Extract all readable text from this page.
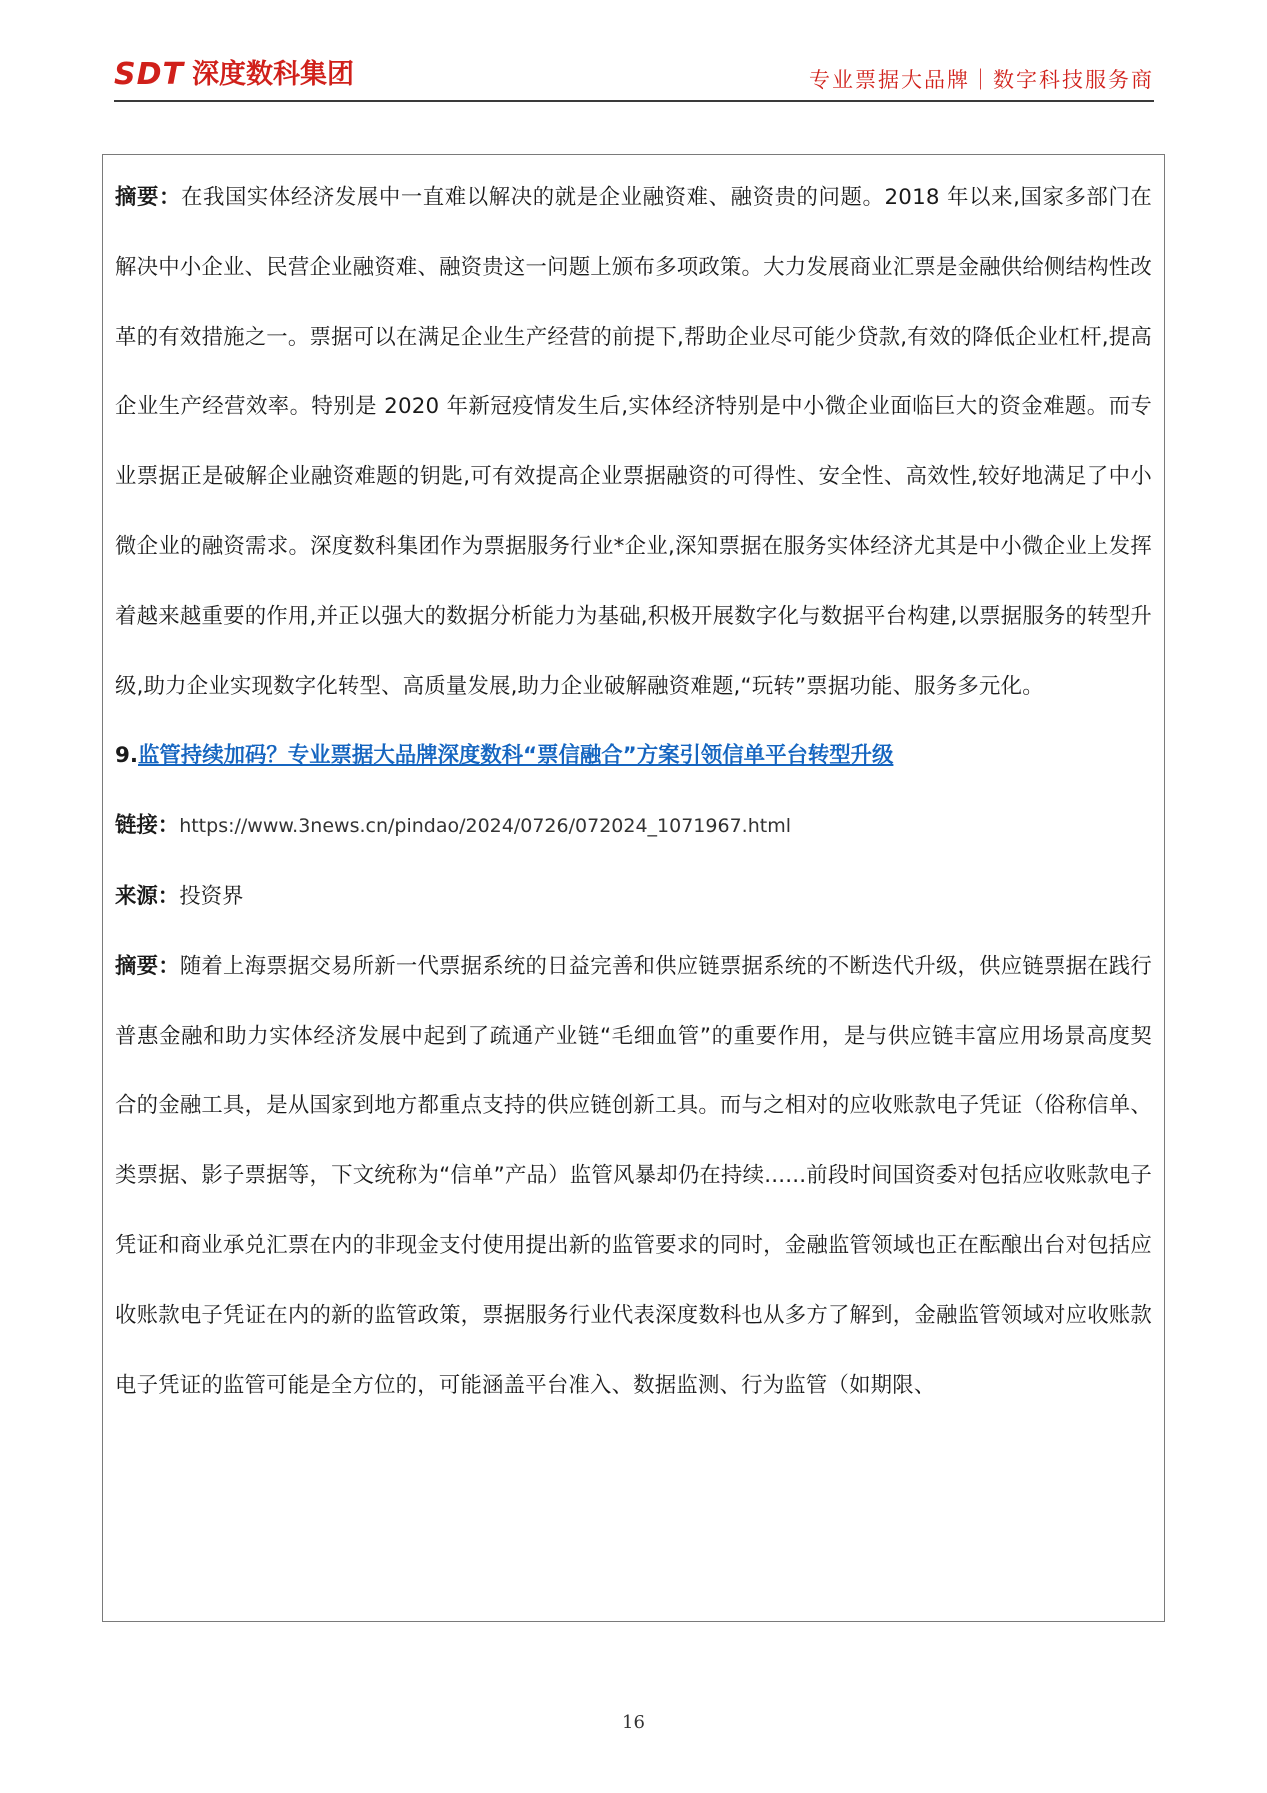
SDT 深度数科集团	专业票据大品牌｜数字科技服务商

摘要：在我国实体经济发展中一直难以解决的就是企业融资难、融资贵的问题。2018 年以来,国家多部门在解决中小企业、民营企业融资难、融资贵这一问题上颁布多项政策。大力发展商业汇票是金融供给侧结构性改革的有效措施之一。票据可以在满足企业生产经营的前提下,帮助企业尽可能少贷款,有效的降低企业杠杆,提高企业生产经营效率。特别是 2020 年新冠疫情发生后,实体经济特别是中小微企业面临巨大的资金难题。而专业票据正是破解企业融资难题的钥匙,可有效提高企业票据融资的可得性、安全性、高效性,较好地满足了中小微企业的融资需求。深度数科集团作为票据服务行业*企业,深知票据在服务实体经济尤其是中小微企业上发挥着越来越重要的作用,并正以强大的数据分析能力为基础,积极开展数字化与数据平台构建,以票据服务的转型升级,助力企业实现数字化转型、高质量发展,助力企业破解融资难题,“玩转”票据功能、服务多元化。

9.监管持续加码？专业票据大品牌深度数科“票信融合”方案引领信单平台转型升级

链接：https://www.3news.cn/pindao/2024/0726/072024_1071967.html

来源：投资界

摘要：随着上海票据交易所新一代票据系统的日益完善和供应链票据系统的不断迭代升级，供应链票据在践行普惠金融和助力实体经济发展中起到了疏通产业链“毛细血管”的重要作用，是与供应链丰富应用场景高度契合的金融工具，是从国家到地方都重点支持的供应链创新工具。而与之相对的应收账款电子凭证（俗称信单、类票据、影子票据等，下文统称为“信单”产品）监管风暴却仍在持续......前段时间国资委对包括应收账款电子凭证和商业承兑汇票在内的非现金支付使用提出新的监管要求的同时，金融监管领域也正在酝酿出台对包括应收账款电子凭证在内的新的监管政策，票据服务行业代表深度数科也从多方了解到，金融监管领域对应收账款电子凭证的监管可能是全方位的，可能涵盖平台准入、数据监测、行为监管（如期限、

16
